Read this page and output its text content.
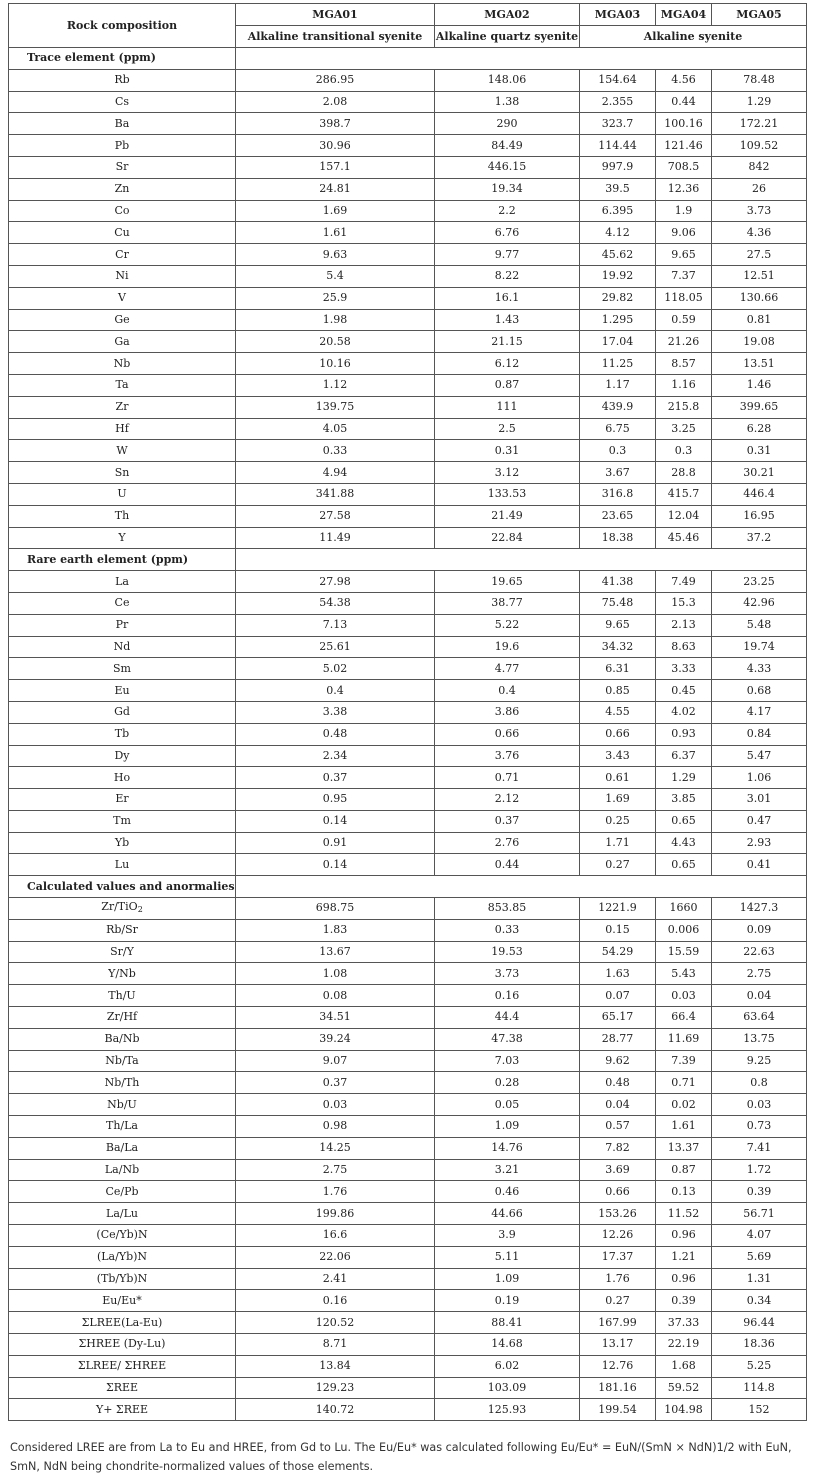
Rock composition	MGA01	MGA02	MGA03	MGA04	MGA05
	Alkaline transitional syenite	Alkaline quartz syenite	Alkaline syenite		
Trace element (ppm)					
Rb	286.95	148.06	154.64	4.56	78.48
Cs	2.08	1.38	2.355	0.44	1.29
Ba	398.7	290	323.7	100.16	172.21
Pb	30.96	84.49	114.44	121.46	109.52
Sr	157.1	446.15	997.9	708.5	842
Zn	24.81	19.34	39.5	12.36	26
Co	1.69	2.2	6.395	1.9	3.73
Cu	1.61	6.76	4.12	9.06	4.36
Cr	9.63	9.77	45.62	9.65	27.5
Ni	5.4	8.22	19.92	7.37	12.51
V	25.9	16.1	29.82	118.05	130.66
Ge	1.98	1.43	1.295	0.59	0.81
Ga	20.58	21.15	17.04	21.26	19.08
Nb	10.16	6.12	11.25	8.57	13.51
Ta	1.12	0.87	1.17	1.16	1.46
Zr	139.75	111	439.9	215.8	399.65
Hf	4.05	2.5	6.75	3.25	6.28
W	0.33	0.31	0.3	0.3	0.31
Sn	4.94	3.12	3.67	28.8	30.21
U	341.88	133.53	316.8	415.7	446.4
Th	27.58	21.49	23.65	12.04	16.95
Y	11.49	22.84	18.38	45.46	37.2
Rare earth element (ppm)					
La	27.98	19.65	41.38	7.49	23.25
Ce	54.38	38.77	75.48	15.3	42.96
Pr	7.13	5.22	9.65	2.13	5.48
Nd	25.61	19.6	34.32	8.63	19.74
Sm	5.02	4.77	6.31	3.33	4.33
Eu	0.4	0.4	0.85	0.45	0.68
Gd	3.38	3.86	4.55	4.02	4.17
Tb	0.48	0.66	0.66	0.93	0.84
Dy	2.34	3.76	3.43	6.37	5.47
Ho	0.37	0.71	0.61	1.29	1.06
Er	0.95	2.12	1.69	3.85	3.01
Tm	0.14	0.37	0.25	0.65	0.47
Yb	0.91	2.76	1.71	4.43	2.93
Lu	0.14	0.44	0.27	0.65	0.41
Calculated values and anormalies					
Zr/TiO$_2$	698.75	853.85	1221.9	1660	1427.3
Rb/Sr	1.83	0.33	0.15	0.006	0.09
Sr/Y	13.67	19.53	54.29	15.59	22.63
Y/Nb	1.08	3.73	1.63	5.43	2.75
Th/U	0.08	0.16	0.07	0.03	0.04
Zr/Hf	34.51	44.4	65.17	66.4	63.64
Ba/Nb	39.24	47.38	28.77	11.69	13.75
Nb/Ta	9.07	7.03	9.62	7.39	9.25
Nb/Th	0.37	0.28	0.48	0.71	0.8
Nb/U	0.03	0.05	0.04	0.02	0.03
Th/La	0.98	1.09	0.57	1.61	0.73
Ba/La	14.25	14.76	7.82	13.37	7.41
La/Nb	2.75	3.21	3.69	0.87	1.72
Ce/Pb	1.76	0.46	0.66	0.13	0.39
La/Lu	199.86	44.66	153.26	11.52	56.71
(Ce/Yb)N	16.6	3.9	12.26	0.96	4.07
(La/Yb)N	22.06	5.11	17.37	1.21	5.69
(Tb/Yb)N	2.41	1.09	1.76	0.96	1.31
Eu/Eu*	0.16	0.19	0.27	0.39	0.34
ΣLREE(La-Eu)	120.52	88.41	167.99	37.33	96.44
ΣHREE (Dy-Lu)	8.71	14.68	13.17	22.19	18.36
ΣLREE/ ΣHREE	13.84	6.02	12.76	1.68	5.25
ΣREE	129.23	103.09	181.16	59.52	114.8
Y+ ΣREE	140.72	125.93	199.54	104.98	152
Considered LREE are from La to Eu and HREE, from Gd to Lu. The Eu/Eu* was calculated following Eu/Eu* = EuN/(SmN × NdN)1/2 with EuN, SmN, NdN being chondrite-normalized values of those elements.
